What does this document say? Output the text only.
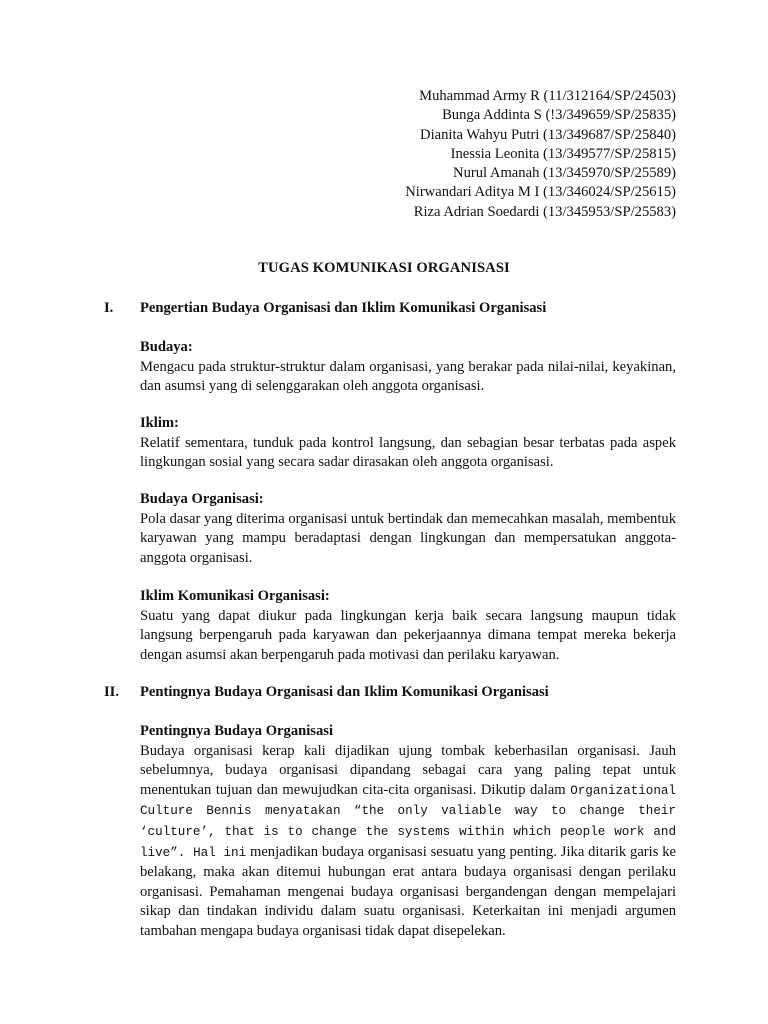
Muhammad Army R (11/312164/SP/24503)
Bunga Addinta S (!3/349659/SP/25835)
Dianita Wahyu Putri (13/349687/SP/25840)
Inessia Leonita (13/349577/SP/25815)
Nurul Amanah (13/345970/SP/25589)
Nirwandari Aditya M I (13/346024/SP/25615)
Riza Adrian Soedardi (13/345953/SP/25583)
TUGAS KOMUNIKASI ORGANISASI
I. Pengertian Budaya Organisasi dan Iklim Komunikasi Organisasi
Budaya:
Mengacu pada struktur-struktur dalam organisasi, yang berakar pada nilai-nilai, keyakinan, dan asumsi yang di selenggarakan oleh anggota organisasi.
Iklim:
Relatif sementara, tunduk pada kontrol langsung, dan sebagian besar terbatas pada aspek lingkungan sosial yang secara sadar dirasakan oleh anggota organisasi.
Budaya Organisasi:
Pola dasar yang diterima organisasi untuk bertindak dan memecahkan masalah, membentuk karyawan yang mampu beradaptasi dengan lingkungan dan mempersatukan anggota-anggota organisasi.
Iklim Komunikasi Organisasi:
Suatu yang dapat diukur pada lingkungan kerja baik secara langsung maupun tidak langsung berpengaruh pada karyawan dan pekerjaannya dimana tempat mereka bekerja dengan asumsi akan berpengaruh pada motivasi dan perilaku karyawan.
II. Pentingnya Budaya Organisasi dan Iklim Komunikasi Organisasi
Pentingnya Budaya Organisasi
Budaya organisasi kerap kali dijadikan ujung tombak keberhasilan organisasi. Jauh sebelumnya, budaya organisasi dipandang sebagai cara yang paling tepat untuk menentukan tujuan dan mewujudkan cita-cita organisasi. Dikutip dalam Organizational Culture Bennis menyatakan “the only valiable way to change their ‘culture’, that is to change the systems within which people work and live”. Hal ini menjadikan budaya organisasi sesuatu yang penting. Jika ditarik garis ke belakang, maka akan ditemui hubungan erat antara budaya organisasi dengan perilaku organisasi. Pemahaman mengenai budaya organisasi bergandengan dengan mempelajari sikap dan tindakan individu dalam suatu organisasi. Keterkaitan ini menjadi argumen tambahan mengapa budaya organisasi tidak dapat disepelekan.
